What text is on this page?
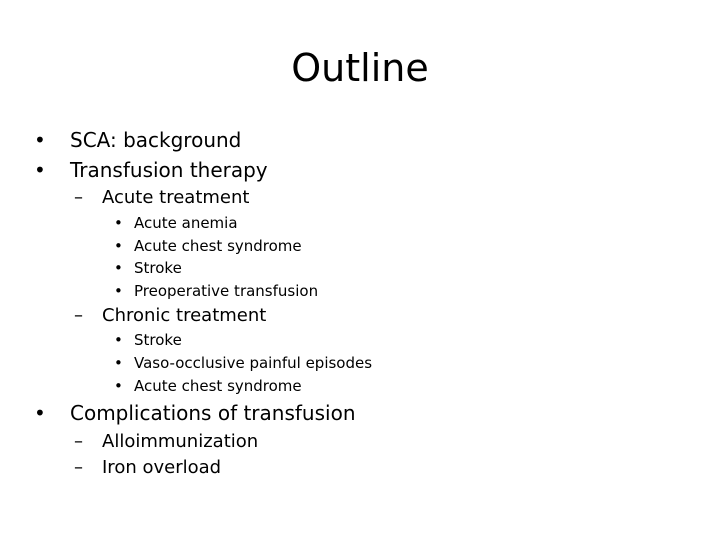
Outline
• SCA: background
• Transfusion therapy
– Acute treatment
• Acute anemia
• Acute chest syndrome
• Stroke
• Preoperative transfusion
– Chronic treatment
• Stroke
• Vaso-occlusive painful episodes
• Acute chest syndrome
• Complications of transfusion
– Alloimmunization
– Iron overload
